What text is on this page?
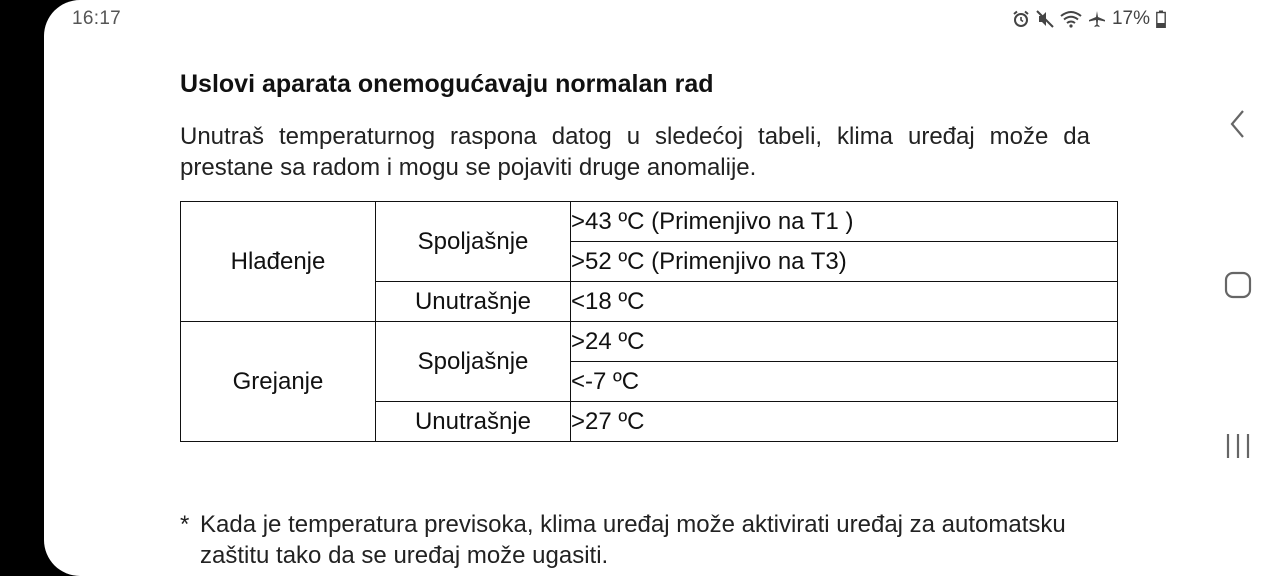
16:17	17%
Uslovi aparata onemogućavaju normalan rad
Unutraš temperaturnog raspona datog u sledećoj tabeli, klima uređaj može da prestane sa radom i mogu se pojaviti druge anomalije.
Hlađenje	Spoljašnje	>43 ºC (Primenjivo na T1 )
		>52 ºC (Primenjivo na T3)
	Unutrašnje	<18 ºC
Grejanje	Spoljašnje	>24 ºC
		<-7 ºC
	Unutrašnje	>27 ºC
* Kada je temperatura previsoka, klima uređaj može aktivirati uređaj za automatsku zaštitu tako da se uređaj može ugasiti.
